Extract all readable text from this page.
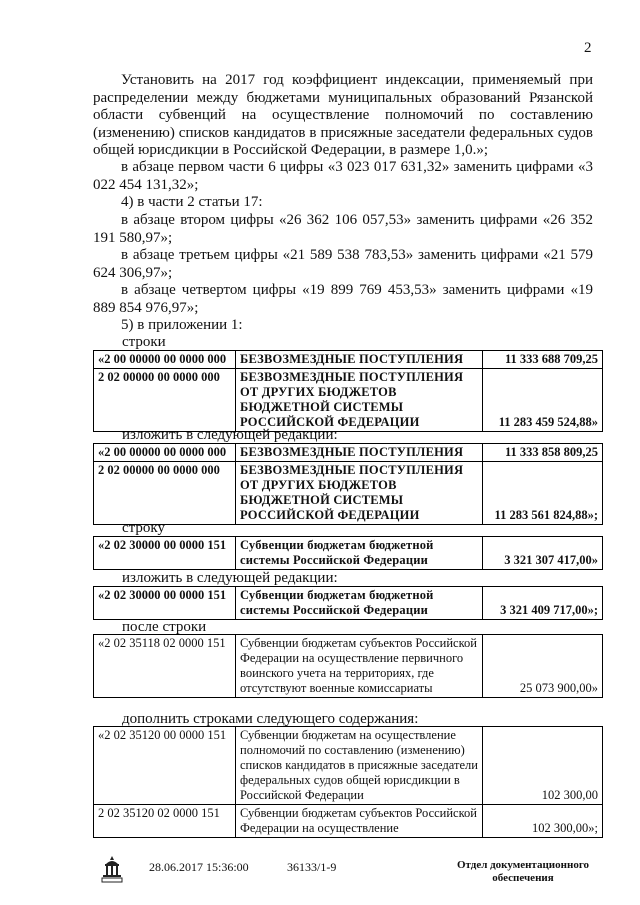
2

Установить на 2017 год коэффициент индексации, применяемый при распределении между бюджетами муниципальных образований Рязанской области субвенций на осуществление полномочий по составлению (изменению) списков кандидатов в присяжные заседатели федеральных судов общей юрисдикции в Российской Федерации, в размере 1,0.»;

в абзаце первом части 6 цифры «3 023 017 631,32» заменить цифрами «3 022 454 131,32»;

4) в части 2 статьи 17:

в абзаце втором цифры «26 362 106 057,53» заменить цифрами «26 352 191 580,97»;

в абзаце третьем цифры «21 589 538 783,53» заменить цифрами «21 579 624 306,97»;

в абзаце четвертом цифры «19 899 769 453,53» заменить цифрами «19 889 854 976,97»;

5) в приложении 1:

строки
«2 00 00000 00 0000 000	БЕЗВОЗМЕЗДНЫЕ ПОСТУПЛЕНИЯ	11 333 688 709,25
2 02 00000 00 0000 000	БЕЗВОЗМЕЗДНЫЕ ПОСТУПЛЕНИЯ ОТ ДРУГИХ БЮДЖЕТОВ БЮДЖЕТНОЙ СИСТЕМЫ РОССИЙСКОЙ ФЕДЕРАЦИИ	11 283 459 524,88»
изложить в следующей редакции:
«2 00 00000 00 0000 000	БЕЗВОЗМЕЗДНЫЕ ПОСТУПЛЕНИЯ	11 333 858 809,25
2 02 00000 00 0000 000	БЕЗВОЗМЕЗДНЫЕ ПОСТУПЛЕНИЯ ОТ ДРУГИХ БЮДЖЕТОВ БЮДЖЕТНОЙ СИСТЕМЫ РОССИЙСКОЙ ФЕДЕРАЦИИ	11 283 561 824,88»;
строку
«2 02 30000 00 0000 151	Субвенции бюджетам бюджетной системы Российской Федерации	3 321 307 417,00»
изложить в следующей редакции:
«2 02 30000 00 0000 151	Субвенции бюджетам бюджетной системы Российской Федерации	3 321 409 717,00»;
после строки
«2 02 35118 02 0000 151	Субвенции бюджетам субъектов Российской Федерации на осуществление первичного воинского учета на территориях, где отсутствуют военные комиссариаты	25 073 900,00»
дополнить строками следующего содержания:
«2 02 35120 00 0000 151	Субвенции бюджетам на осуществление полномочий по составлению (изменению) списков кандидатов в присяжные заседатели федеральных судов общей юрисдикции в Российской Федерации	102 300,00
2 02 35120 02 0000 151	Субвенции бюджетам субъектов Российской Федерации на осуществление	102 300,00»;
28.06.2017 15:36:00	36133/1-9	Отдел документационного обеспечения
